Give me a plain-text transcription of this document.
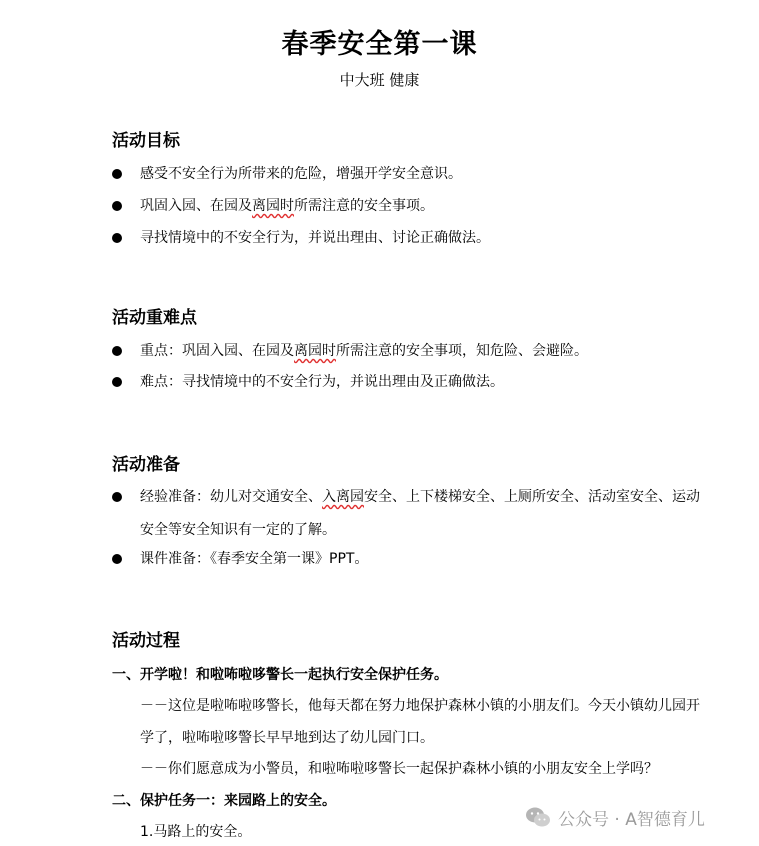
春季安全第一课
中大班 健康
活动目标
感受不安全行为所带来的危险，增强开学安全意识。
巩固入园、在园及离园时所需注意的安全事项。
寻找情境中的不安全行为，并说出理由、讨论正确做法。
活动重难点
重点：巩固入园、在园及离园时所需注意的安全事项，知危险、会避险。
难点：寻找情境中的不安全行为，并说出理由及正确做法。
活动准备
经验准备：幼儿对交通安全、入离园安全、上下楼梯安全、上厕所安全、活动室安全、运动
安全等安全知识有一定的了解。
课件准备：《春季安全第一课》PPT。
活动过程
一、开学啦！和啦咘啦哆警长一起执行安全保护任务。
－－这位是啦咘啦哆警长，他每天都在努力地保护森林小镇的小朋友们。今天小镇幼儿园开
学了，啦咘啦哆警长早早地到达了幼儿园门口。
－－你们愿意成为小警员，和啦咘啦哆警长一起保护森林小镇的小朋友安全上学吗？
二、保护任务一：来园路上的安全。
1.马路上的安全。
公众号 · A智德育儿
